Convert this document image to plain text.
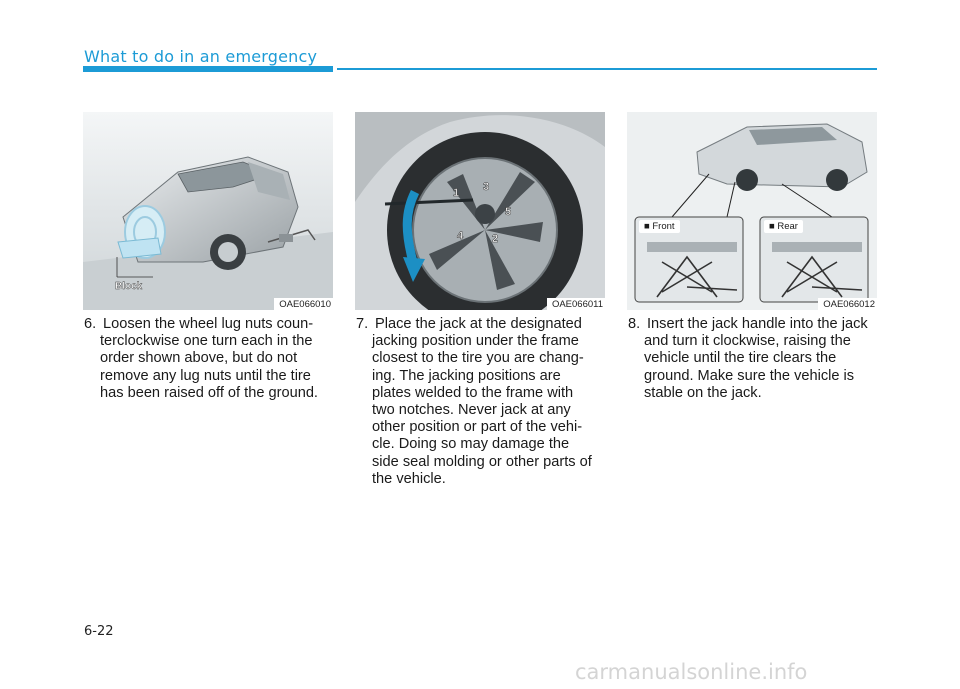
What to do in an emergency
Block
OAE066010
1
2
3
4
5
OAE066011
■ Front	■ Rear
OAE066012
6. Loosen the wheel lug nuts coun-
terclockwise one turn each in the
order shown above, but do not
remove any lug nuts until the tire
has been raised off of the ground.
7. Place the jack at the designated
jacking position under the frame
closest to the tire you are chang-
ing. The jacking positions are
plates welded to the frame with
two notches. Never jack at any
other position or part of the vehi-
cle. Doing so may damage the
side seal molding or other parts of
the vehicle.
8. Insert the jack handle into the jack
and turn it clockwise, raising the
vehicle until the tire clears the
ground. Make sure the vehicle is
stable on the jack.
6-22
carmanualsonline.info
